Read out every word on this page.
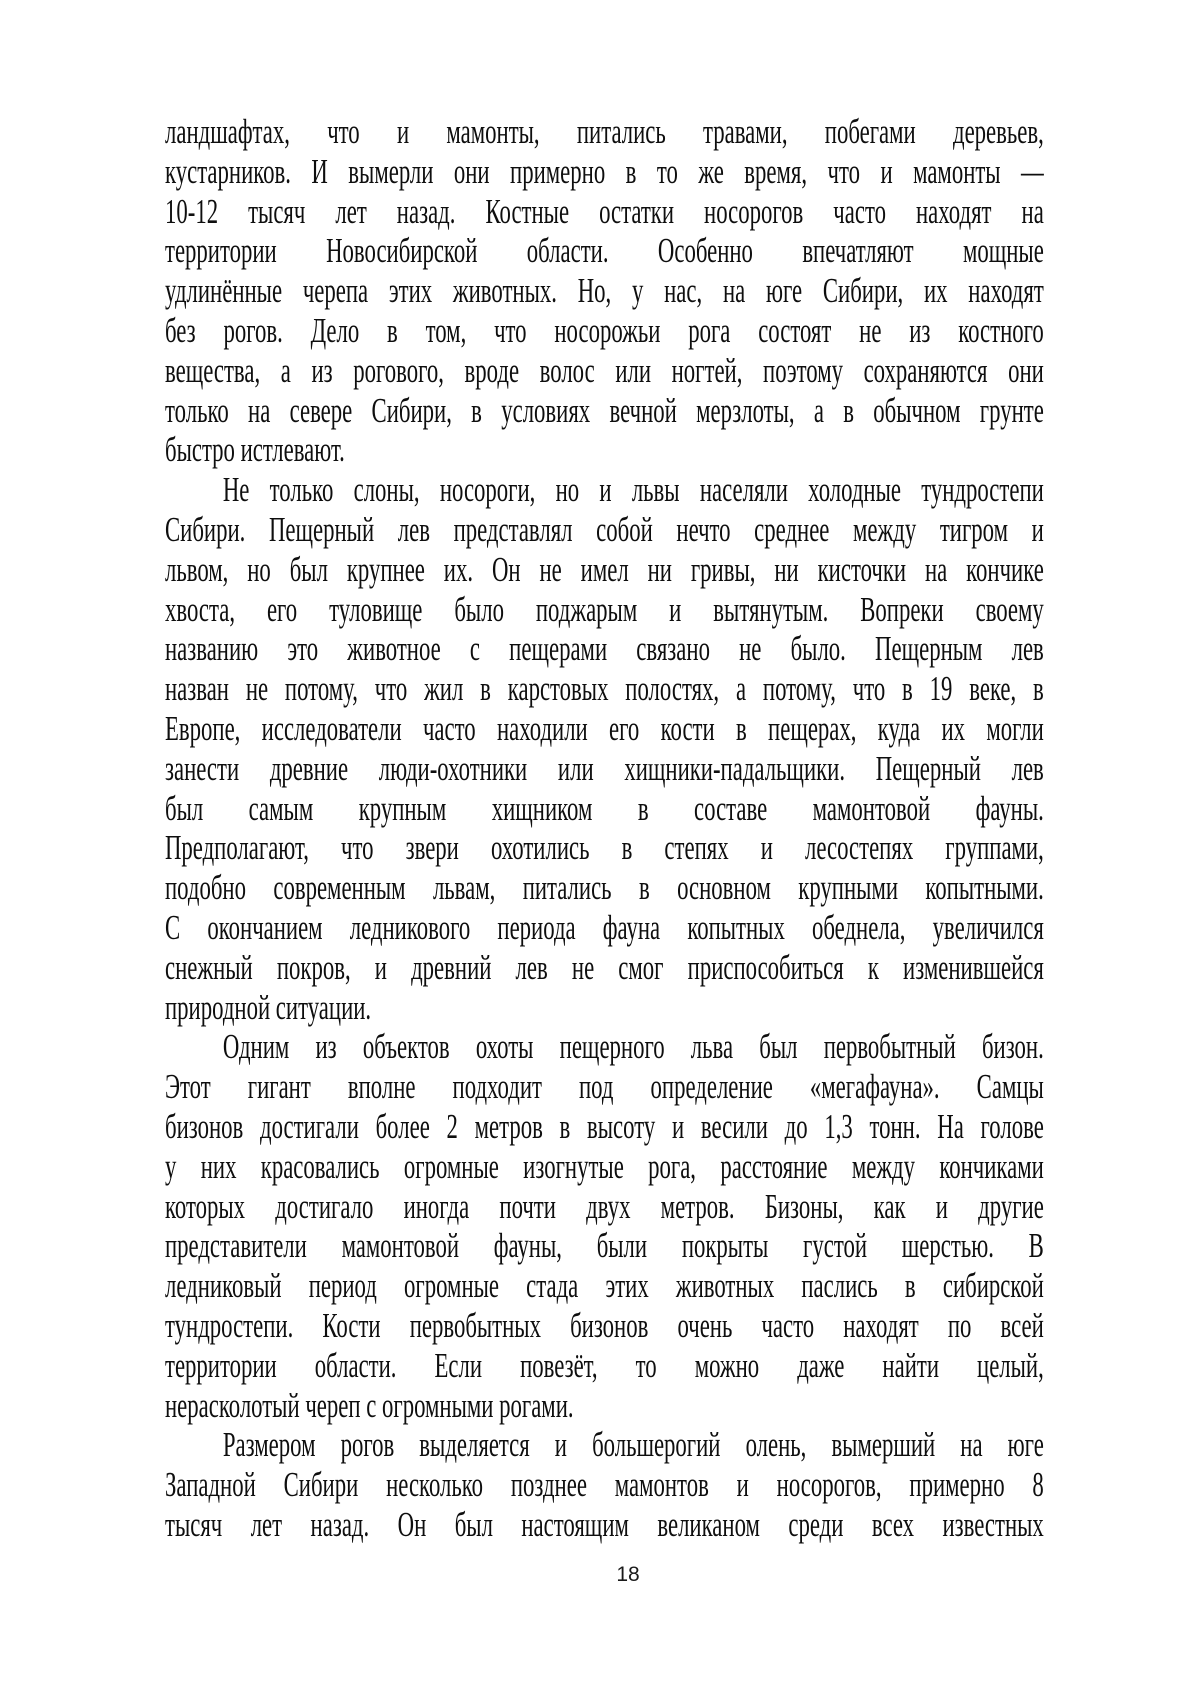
ландшафтах, что и мамонты, питались травами, побегами деревьев,
кустарников. И вымерли они примерно в то же время, что и мамонты —
10-12 тысяч лет назад. Костные остатки носорогов часто находят на
территории Новосибирской области. Особенно впечатляют мощные
удлинённые черепа этих животных. Но, у нас, на юге Сибири, их находят
без рогов. Дело в том, что носорожьи рога состоят не из костного
вещества, а из рогового, вроде волос или ногтей, поэтому сохраняются они
только на севере Сибири, в условиях вечной мерзлоты, а в обычном грунте
быстро истлевают.
Не только слоны, носороги, но и львы населяли холодные тундростепи
Сибири. Пещерный лев представлял собой нечто среднее между тигром и
львом, но был крупнее их. Он не имел ни гривы, ни кисточки на кончике
хвоста, его туловище было поджарым и вытянутым. Вопреки своему
названию это животное с пещерами связано не было. Пещерным лев
назван не потому, что жил в карстовых полостях, а потому, что в 19 веке, в
Европе, исследователи часто находили его кости в пещерах, куда их могли
занести древние люди-охотники или хищники-падальщики. Пещерный лев
был самым крупным хищником в составе мамонтовой фауны.
Предполагают, что звери охотились в степях и лесостепях группами,
подобно современным львам, питались в основном крупными копытными.
С окончанием ледникового периода фауна копытных обеднела, увеличился
снежный покров, и древний лев не смог приспособиться к изменившейся
природной ситуации.
Одним из объектов охоты пещерного льва был первобытный бизон.
Этот гигант вполне подходит под определение «мегафауна». Самцы
бизонов достигали более 2 метров в высоту и весили до 1,3 тонн. На голове
у них красовались огромные изогнутые рога, расстояние между кончиками
которых достигало иногда почти двух метров. Бизоны, как и другие
представители мамонтовой фауны, были покрыты густой шерстью. В
ледниковый период огромные стада этих животных паслись в сибирской
тундростепи. Кости первобытных бизонов очень часто находят по всей
территории области. Если повезёт, то можно даже найти целый,
нерасколотый череп с огромными рогами.
Размером рогов выделяется и большерогий олень, вымерший на юге
Западной Сибири несколько позднее мамонтов и носорогов, примерно 8
тысяч лет назад. Он был настоящим великаном среди всех известных
18
